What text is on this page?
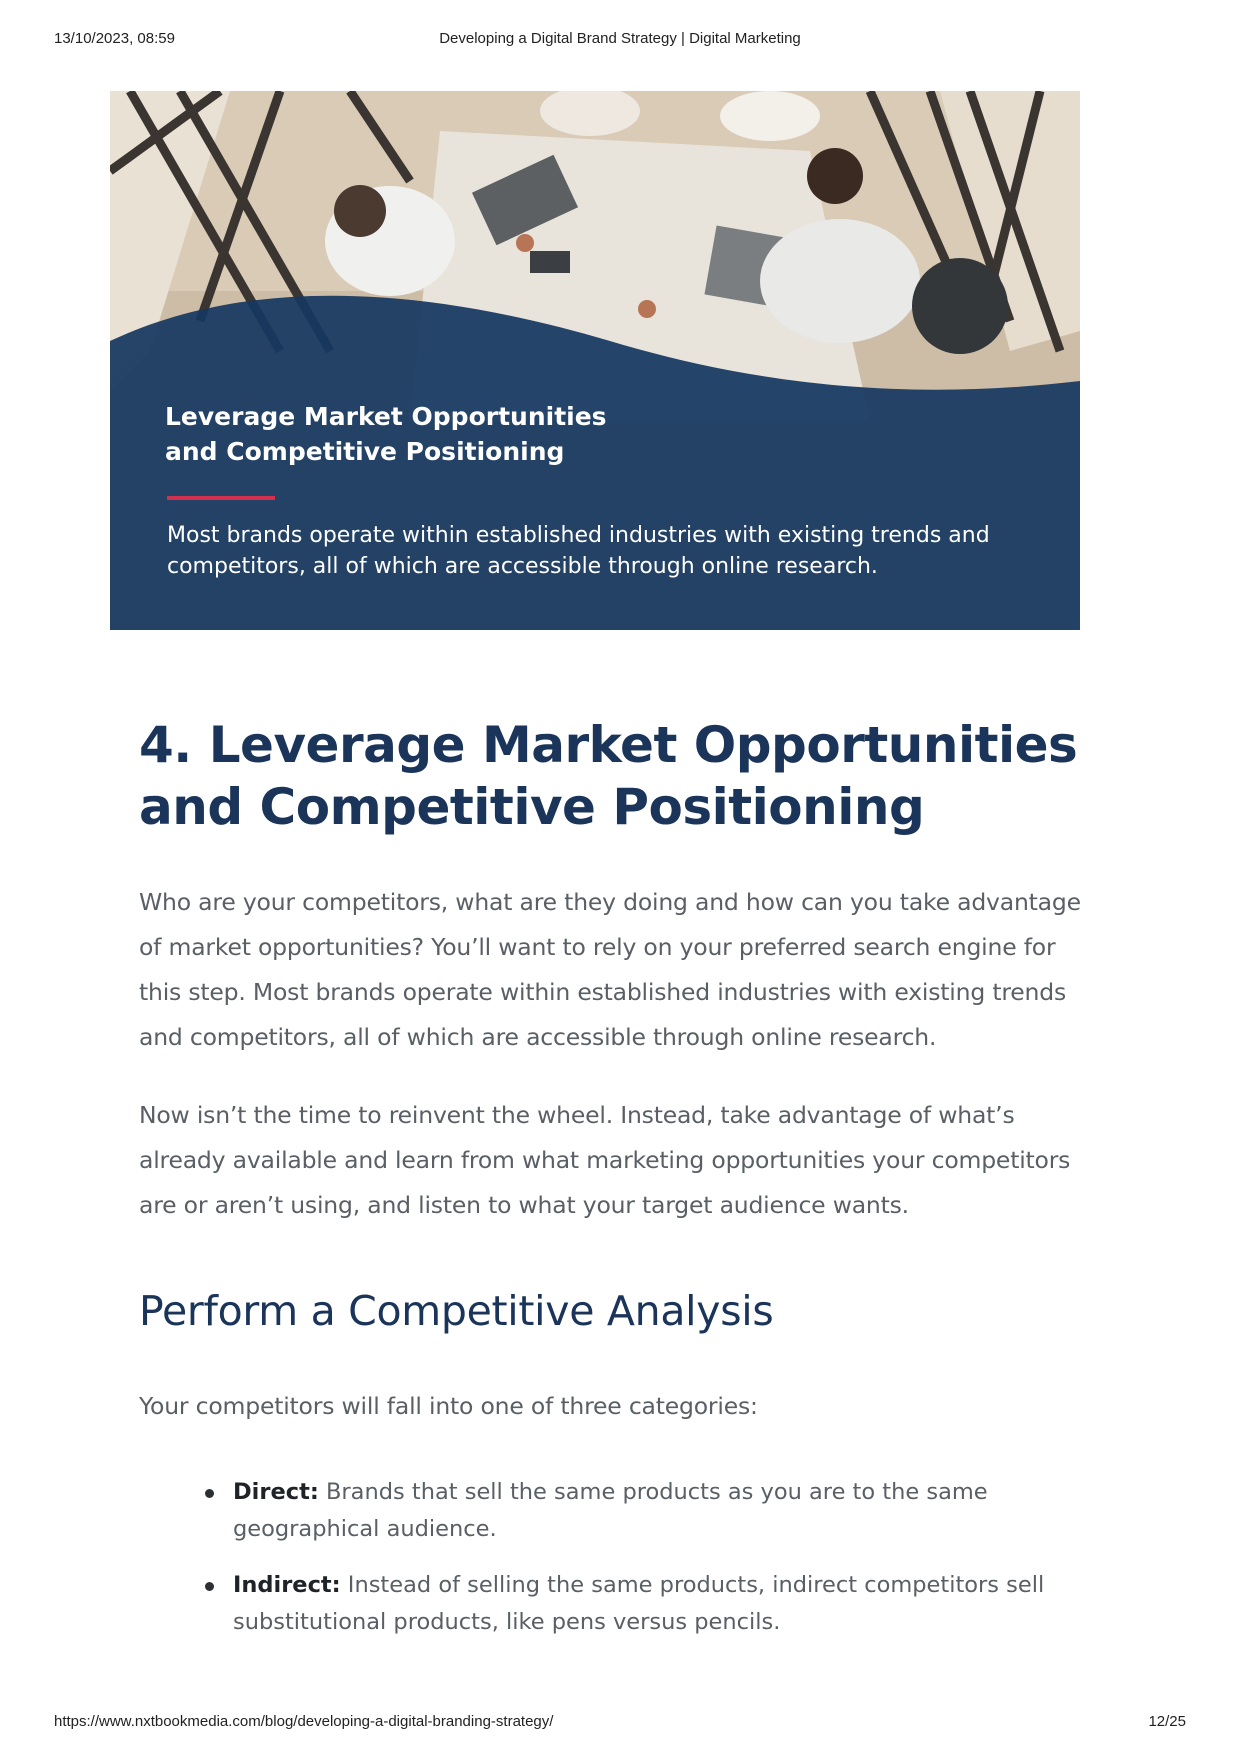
13/10/2023, 08:59	Developing a Digital Brand Strategy | Digital Marketing
Leverage Market Opportunities
and Competitive Positioning

Most brands operate within established industries with existing trends and
competitors, all of which are accessible through online research.

4. Leverage Market Opportunities
and Competitive Positioning

Who are your competitors, what are they doing and how can you take advantage of market opportunities? You’ll want to rely on your preferred search engine for this step. Most brands operate within established industries with existing trends and competitors, all of which are accessible through online research.

Now isn’t the time to reinvent the wheel. Instead, take advantage of what’s already available and learn from what marketing opportunities your competitors are or aren’t using, and listen to what your target audience wants.

Perform a Competitive Analysis

Your competitors will fall into one of three categories:

Direct: Brands that sell the same products as you are to the same geographical audience.
Indirect: Instead of selling the same products, indirect competitors sell substitutional products, like pens versus pencils.
https://www.nxtbookmedia.com/blog/developing-a-digital-branding-strategy/	12/25
